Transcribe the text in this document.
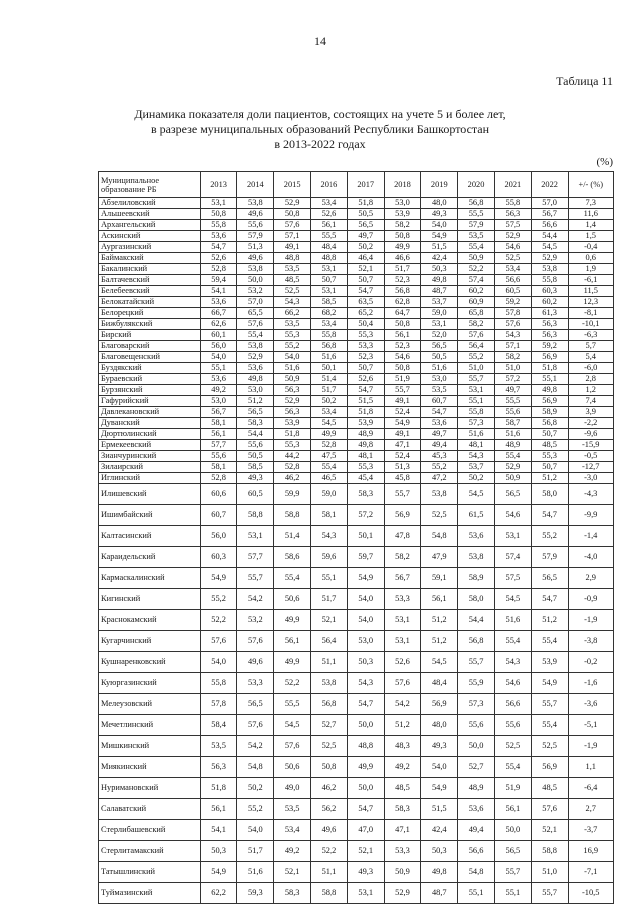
14
Таблица 11
Динамика показателя доли пациентов, состоящих на учете 5 и более лет,
в разрезе муниципальных образований Республики Башкортостан
в 2013-2022 годах
(%)
Муниципальное образование РБ	2013	2014	2015	2016	2017	2018	2019	2020	2021	2022	+/- (%)
Абзелиловский	53,1	53,8	52,9	53,4	51,8	53,0	48,0	56,8	55,8	57,0	7,3
Альшеевский	50,8	49,6	50,8	52,6	50,5	53,9	49,3	55,5	56,3	56,7	11,6
Архангельский	55,8	55,6	57,6	56,1	56,5	58,2	54,0	57,9	57,5	56,6	1,4
Аскинский	53,6	57,9	57,1	55,5	49,7	50,8	54,9	53,5	52,9	54,4	1,5
Аургазинский	54,7	51,3	49,1	48,4	50,2	49,9	51,5	55,4	54,6	54,5	-0,4
Баймакский	52,6	49,6	48,8	48,8	46,4	46,6	42,4	50,9	52,5	52,9	0,6
Бакалинский	52,8	53,8	53,5	53,1	52,1	51,7	50,3	52,2	53,4	53,8	1,9
Балтачевский	59,4	50,0	48,5	50,7	50,7	52,3	49,8	57,4	56,6	55,8	-6,1
Белебеевский	54,1	53,2	52,5	53,1	54,7	56,8	48,7	60,2	60,5	60,3	11,5
Белокатайский	53,6	57,0	54,3	58,5	63,5	62,8	53,7	60,9	59,2	60,2	12,3
Белорецкий	66,7	65,5	66,2	68,2	65,2	64,7	59,0	65,8	57,8	61,3	-8,1
Бижбулякский	62,6	57,6	53,5	53,4	50,4	50,8	53,1	58,2	57,6	56,3	-10,1
Бирский	60,1	55,4	55,3	55,8	55,3	56,1	52,0	57,6	54,3	56,3	-6,3
Благоварский	56,0	53,8	55,2	56,8	53,3	52,3	56,5	56,4	57,1	59,2	5,7
Благовещенский	54,0	52,9	54,0	51,6	52,3	54,6	50,5	55,2	58,2	56,9	5,4
Буздякский	55,1	53,6	51,6	50,1	50,7	50,8	51,6	51,0	51,0	51,8	-6,0
Бураевский	53,6	49,8	50,9	51,4	52,6	51,9	53,0	55,7	57,2	55,1	2,8
Бурзянский	49,2	53,0	56,3	51,7	54,7	55,7	53,5	53,1	49,7	49,8	1,2
Гафурийский	53,0	51,2	52,9	50,2	51,5	49,1	60,7	55,1	55,5	56,9	7,4
Давлекановский	56,7	56,5	56,3	53,4	51,8	52,4	54,7	55,8	55,6	58,9	3,9
Дуванский	58,1	58,3	53,9	54,5	53,9	54,9	53,6	57,3	58,7	56,8	-2,2
Дюртюлинский	56,1	54,4	51,8	49,9	48,9	49,1	49,7	51,6	51,6	50,7	-9,6
Ермекеевский	57,7	55,6	55,3	52,8	49,8	47,1	49,4	48,1	48,9	48,5	-15,9
Зианчуринский	55,6	50,5	44,2	47,5	48,1	52,4	45,3	54,3	55,4	55,3	-0,5
Зилаирский	58,1	58,5	52,8	55,4	55,3	51,3	55,2	53,7	52,9	50,7	-12,7
Иглинский	52,8	49,3	46,2	46,5	45,4	45,8	47,2	50,2	50,9	51,2	-3,0
Илишевский	60,6	60,5	59,9	59,0	58,3	55,7	53,8	54,5	56,5	58,0	-4,3
Ишимбайский	60,7	58,8	58,8	58,1	57,2	56,9	52,5	61,5	54,6	54,7	-9,9
Калтасинский	56,0	53,1	51,4	54,3	50,1	47,8	54,8	53,6	53,1	55,2	-1,4
Караидельский	60,3	57,7	58,6	59,6	59,7	58,2	47,9	53,8	57,4	57,9	-4,0
Кармаскалинский	54,9	55,7	55,4	55,1	54,9	56,7	59,1	58,9	57,5	56,5	2,9
Кигинский	55,2	54,2	50,6	51,7	54,0	53,3	56,1	58,0	54,5	54,7	-0,9
Краснокамский	52,2	53,2	49,9	52,1	54,0	53,1	51,2	54,4	51,6	51,2	-1,9
Кугарчинский	57,6	57,6	56,1	56,4	53,0	53,1	51,2	56,8	55,4	55,4	-3,8
Кушнаренковский	54,0	49,6	49,9	51,1	50,3	52,6	54,5	55,7	54,3	53,9	-0,2
Куюргазинский	55,8	53,3	52,2	53,8	54,3	57,6	48,4	55,9	54,6	54,9	-1,6
Мелеузовский	57,8	56,5	55,5	56,8	54,7	54,2	56,9	57,3	56,6	55,7	-3,6
Мечетлинский	58,4	57,6	54,5	52,7	50,0	51,2	48,0	55,6	55,6	55,4	-5,1
Мишкинский	53,5	54,2	57,6	52,5	48,8	48,3	49,3	50,0	52,5	52,5	-1,9
Миякинский	56,3	54,8	50,6	50,8	49,9	49,2	54,0	52,7	55,4	56,9	1,1
Нуримановский	51,8	50,2	49,0	46,2	50,0	48,5	54,9	48,9	51,9	48,5	-6,4
Салаватский	56,1	55,2	53,5	56,2	54,7	58,3	51,5	53,6	56,1	57,6	2,7
Стерлибашевский	54,1	54,0	53,4	49,6	47,0	47,1	42,4	49,4	50,0	52,1	-3,7
Стерлитамакский	50,3	51,7	49,2	52,2	52,1	53,3	50,3	56,6	56,5	58,8	16,9
Татышлинский	54,9	51,6	52,1	51,1	49,3	50,9	49,8	54,8	55,7	51,0	-7,1
Туймазинский	62,2	59,3	58,3	58,8	53,1	52,9	48,7	55,1	55,1	55,7	-10,5
